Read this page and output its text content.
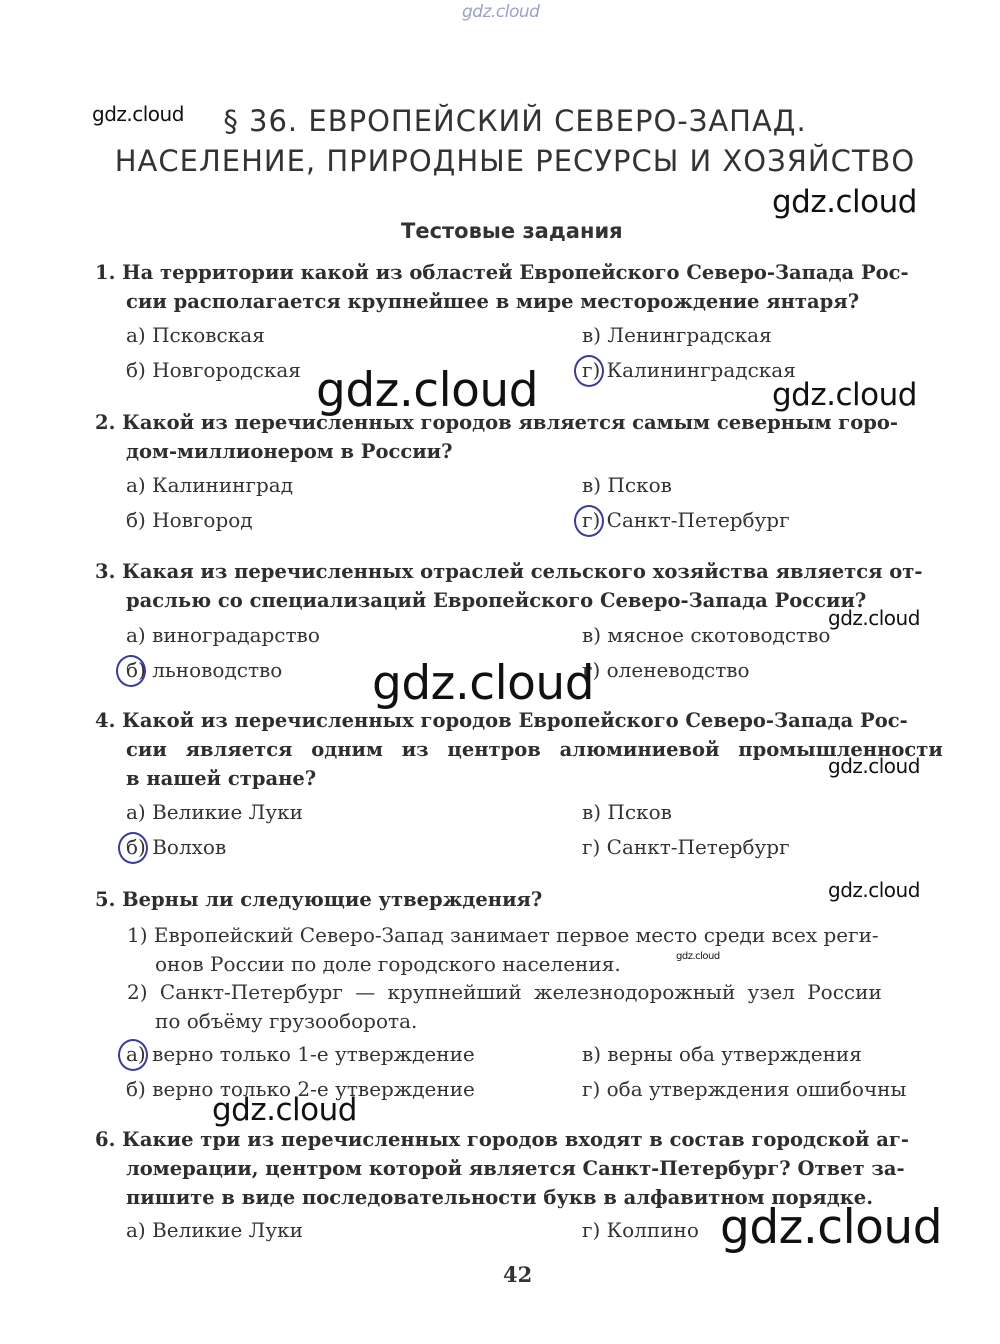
gdz.cloud
gdz.cloud
gdz.cloud
§ 36. ЕВРОПЕЙСКИЙ СЕВЕРО-ЗАПАД.
НАСЕЛЕНИЕ, ПРИРОДНЫЕ РЕСУРСЫ И ХОЗЯЙСТВО
Тестовые задания
1. На территории какой из областей Европейского Северо-Запада Рос-
сии располагается крупнейшее в мире месторождение янтаря?
а) Псковская
б) Новгородская
в) Ленинградская
г) Калининградская
gdz.cloud	gdz.cloud
2. Какой из перечисленных городов является самым северным горо-
дом-миллионером в России?
а) Калининград
б) Новгород
в) Псков
г) Санкт-Петербург
3. Какая из перечисленных отраслей сельского хозяйства является от-
раслью со специализаций Европейского Северо-Запада России?
gdz.cloud
а) виноградарство
б) льноводство
в) мясное скотоводство
г) оленеводство
gdz.cloud
4. Какой из перечисленных городов Европейского Северо-Запада Рос-
сии является одним из центров алюминиевой промышленности
в нашей стране?
gdz.cloud
а) Великие Луки
б) Волхов
в) Псков
г) Санкт-Петербург
5. Верны ли следующие утверждения?	gdz.cloud
1) Европейский Северо-Запад занимает первое место среди всех реги-
онов России по доле городского населения.	gdz.cloud
2) Санкт-Петербург — крупнейший железнодорожный узел России
по объёму грузооборота.
а) верно только 1-е утверждение
б) верно только 2-е утверждение
в) верны оба утверждения
г) оба утверждения ошибочны
gdz.cloud
6. Какие три из перечисленных городов входят в состав городской аг-
ломерации, центром которой является Санкт-Петербург? Ответ за-
пишите в виде последовательности букв в алфавитном порядке.
а) Великие Луки	г) Колпино gdz.cloud
42
